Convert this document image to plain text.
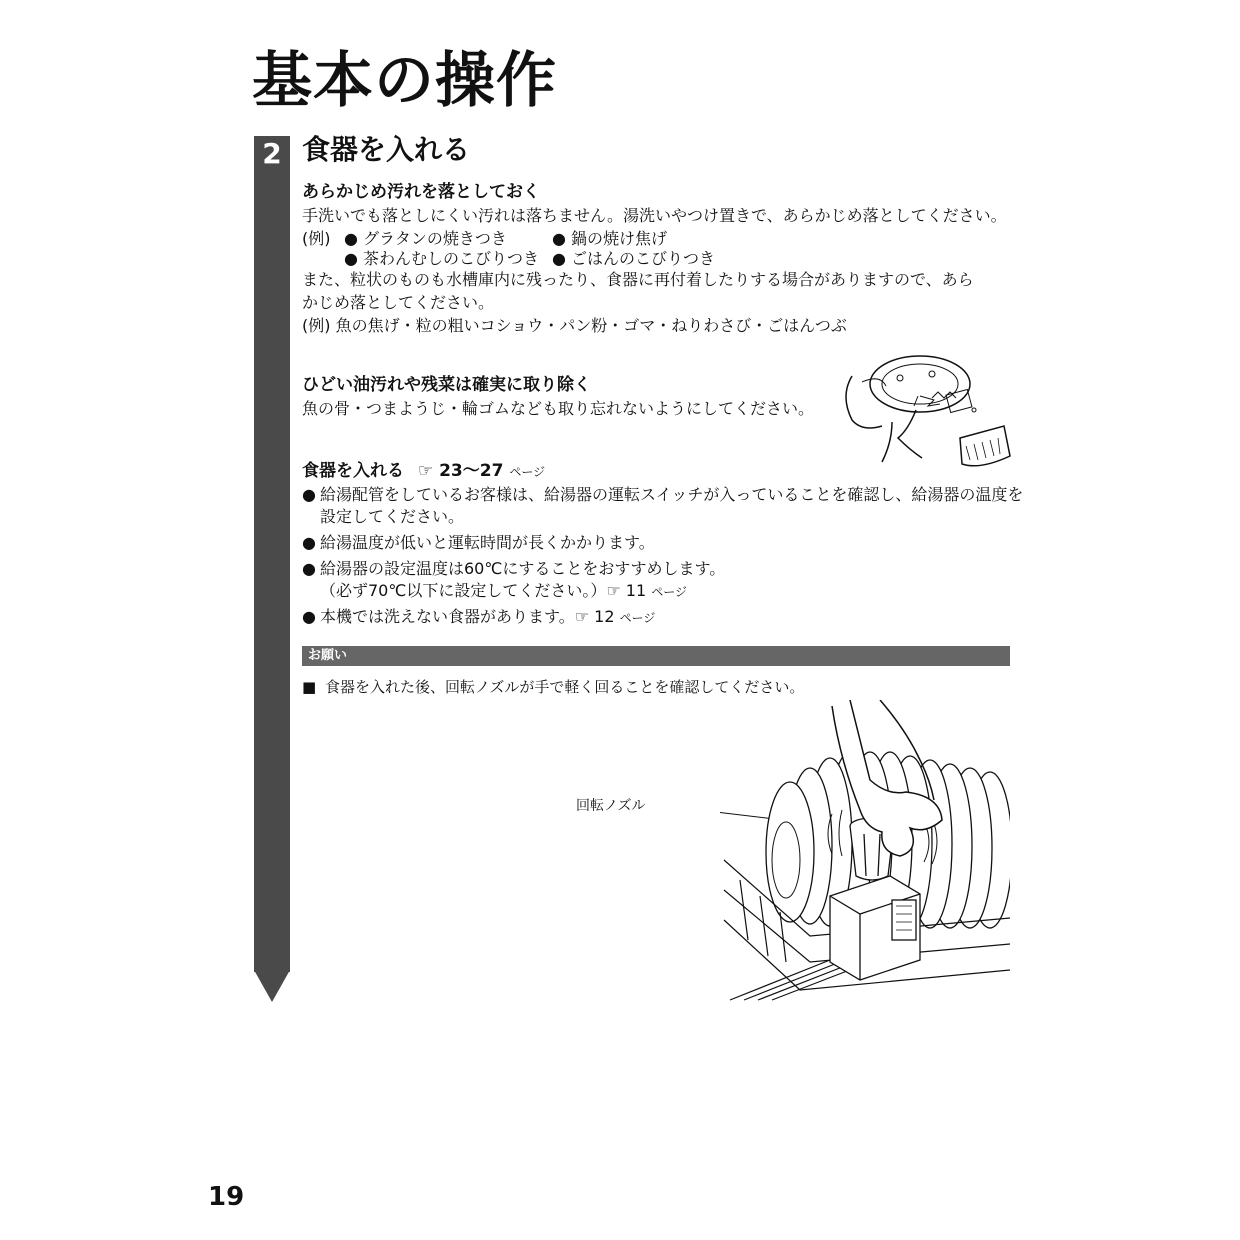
基本の操作
2 食器を入れる
あらかじめ汚れを落としておく
手洗いでも落としにくい汚れは落ちません。湯洗いやつけ置きで、あらかじめ落としてください。
(例) ● グラタンの焼きつき	● 鍋の焼け焦げ
● 茶わんむしのこびりつき ● ごはんのこびりつき
また、粒状のものも水槽庫内に残ったり、食器に再付着したりする場合がありますので、あら
かじめ落としてください。
(例) 魚の焦げ・粒の粗いコショウ・パン粉・ゴマ・ねりわさび・ごはんつぶ
ひどい油汚れや残菜は確実に取り除く
魚の骨・つまようじ・輪ゴムなども取り忘れないようにしてください。
食器を入れる ☞ 23〜27 ページ
● 給湯配管をしているお客様は、給湯器の運転スイッチが入っていることを確認し、給湯器の温度を
設定してください。
● 給湯温度が低いと運転時間が長くかかります。
● 給湯器の設定温度は60℃にすることをおすすめします。
（必ず70℃以下に設定してください。）☞ 11 ページ
● 本機では洗えない食器があります。☞ 12 ページ
お願い
■ 食器を入れた後、回転ノズルが手で軽く回ることを確認してください。
回転ノズル
19
